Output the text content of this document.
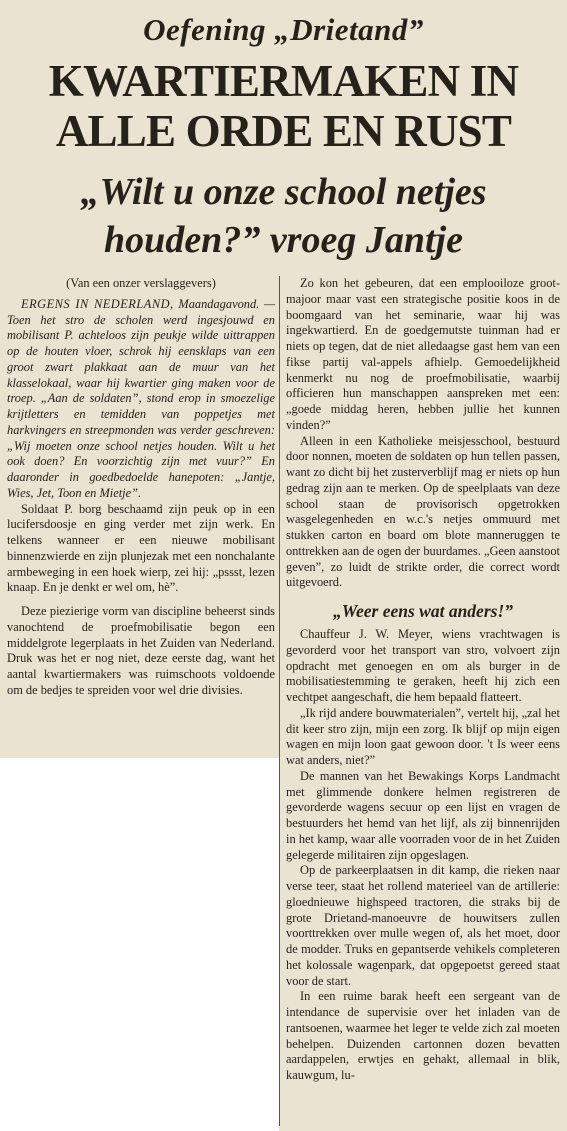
Oefening „Drietand”
KWARTIERMAKEN IN
ALLE ORDE EN RUST
„Wilt u onze school netjes
houden?” vroeg Jantje
(Van een onzer verslaggevers)

ERGENS IN NEDERLAND, Maandagavond. — Toen het stro de scholen werd ingesjouwd en mobilisant P. achteloos zijn peukje wilde uittrappen op de houten vloer, schrok hij eensklaps van een groot zwart plakkaat aan de muur van het klasselokaal, waar hij kwartier ging maken voor de troep. „Aan de soldaten”, stond erop in smoezelige krijtletters en temidden van poppetjes met harkvingers en streepmonden was verder geschreven: „Wij moeten onze school netjes houden. Wilt u het ook doen? En voorzichtig zijn met vuur?” En daaronder in goedbedoelde hanepoten: „Jantje, Wies, Jet, Toon en Mietje”.

Soldaat P. borg beschaamd zijn peuk op in een lucifersdoosje en ging verder met zijn werk. En telkens wanneer er een nieuwe mobilisant binnenzwierde en zijn plunjezak met een nonchalante armbeweging in een hoek wierp, zei hij: „pssst, lezen knaap. En je denkt er wel om, hè”.

Deze piezierige vorm van discipline beheerst sinds vanochtend de proefmobilisatie begon een middelgrote legerplaats in het Zuiden van Nederland. Druk was het er nog niet, deze eerste dag, want het aantal kwartiermakers was ruimschoots voldoende om de bedjes te spreiden voor wel drie divisies.

Zo kon het gebeuren, dat een emplooiloze groot-majoor maar vast een strategische positie koos in de boomgaard van het seminarie, waar hij was ingekwartierd. En de goedgemutste tuinman had er niets op tegen, dat de niet alledaagse gast hem van een fikse partij val-appels afhielp. Gemoedelijkheid kenmerkt nu nog de proefmobilisatie, waarbij officieren hun manschappen aanspreken met een: „goede middag heren, hebben jullie het kunnen vinden?”

Alleen in een Katholieke meisjesschool, bestuurd door nonnen, moeten de soldaten op hun tellen passen, want zo dicht bij het zusterverblijf mag er niets op hun gedrag zijn aan te merken. Op de speelplaats van deze school staan de provisorisch opgetrokken wasgelegenheden en w.c.'s netjes ommuurd met stukken carton en board om blote manneruggen te onttrekken aan de ogen der buurdames. „Geen aanstoot geven”, zo luidt de strikte order, die correct wordt uitgevoerd.

„Weer eens wat anders!”

Chauffeur J. W. Meyer, wiens vrachtwagen is gevorderd voor het transport van stro, volvoert zijn opdracht met genoegen en om als burger in de mobilisatiestemming te geraken, heeft hij zich een vechtpet aangeschaft, die hem bepaald flatteert.

„Ik rijd andere bouwmaterialen”, vertelt hij, „zal het dit keer stro zijn, mijn een zorg. Ik blijf op mijn eigen wagen en mijn loon gaat gewoon door. 't Is weer eens wat anders, niet?”

De mannen van het Bewakings Korps Landmacht met glimmende donkere helmen registreren de gevorderde wagens secuur op een lijst en vragen de bestuurders het hemd van het lijf, als zij binnenrijden in het kamp, waar alle voorraden voor de in het Zuiden gelegerde militairen zijn opgeslagen.

Op de parkeerplaatsen in dit kamp, die rieken naar verse teer, staat het rollend materieel van de artillerie: gloednieuwe highspeed tractoren, die straks bij de grote Drietand-manoeuvre de houwitsers zullen voorttrekken over mulle wegen of, als het moet, door de modder. Truks en gepantserde vehikels completeren het kolossale wagenpark, dat opgepoetst gereed staat voor de start.

In een ruime barak heeft een sergeant van de intendance de supervisie over het inladen van de rantsoenen, waarmee het leger te velde zich zal moeten behelpen. Duizenden cartonnen dozen bevatten aardappelen, erwtjes en gehakt, allemaal in blik, kauwgum, lu-
